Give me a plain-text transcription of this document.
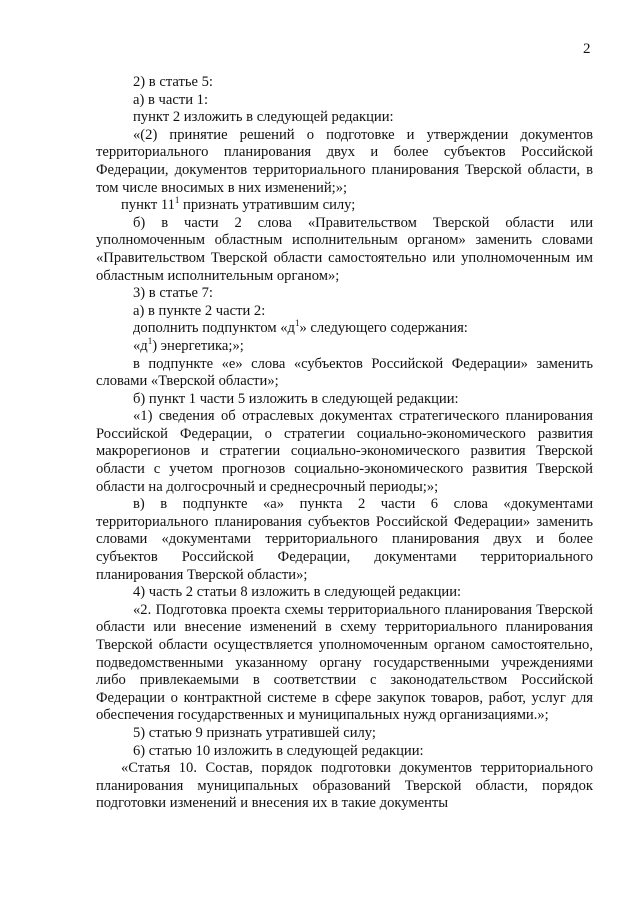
2

2) в статье 5:

а) в части 1:

пункт 2 изложить в следующей редакции:

«(2) принятие решений о подготовке и утверждении документов территориального планирования двух и более субъектов Российской Федерации, документов территориального планирования Тверской области, в том числе вносимых в них изменений;»;

пункт $11^1$ признать утратившим силу;

б) в части 2 слова «Правительством Тверской области или уполномоченным областным исполнительным органом» заменить словами «Правительством Тверской области самостоятельно или уполномоченным им областным исполнительным органом»;

3) в статье 7:

а) в пункте 2 части 2:

дополнить подпунктом «$д^1$» следующего содержания:

«$д^1$) энергетика;»;

в подпункте «е» слова «субъектов Российской Федерации» заменить словами «Тверской области»;

б) пункт 1 части 5 изложить в следующей редакции:

«1) сведения об отраслевых документах стратегического планирования Российской Федерации, о стратегии социально-экономического развития макрорегионов и стратегии социально-экономического развития Тверской области с учетом прогнозов социально-экономического развития Тверской области на долгосрочный и среднесрочный периоды;»;

в) в подпункте «а» пункта 2 части 6 слова «документами территориального планирования субъектов Российской Федерации» заменить словами «документами территориального планирования двух и более субъектов Российской Федерации, документами территориального планирования Тверской области»;

4) часть 2 статьи 8 изложить в следующей редакции:

«2. Подготовка проекта схемы территориального планирования Тверской области или внесение изменений в схему территориального планирования Тверской области осуществляется уполномоченным органом самостоятельно, подведомственными указанному органу государственными учреждениями либо привлекаемыми в соответствии с законодательством Российской Федерации о контрактной системе в сфере закупок товаров, работ, услуг для обеспечения государственных и муниципальных нужд организациями.»;

5) статью 9 признать утратившей силу;

6) статью 10 изложить в следующей редакции:

«Статья 10. Состав, порядок подготовки документов территориального планирования муниципальных образований Тверской области, порядок подготовки изменений и внесения их в такие документы
